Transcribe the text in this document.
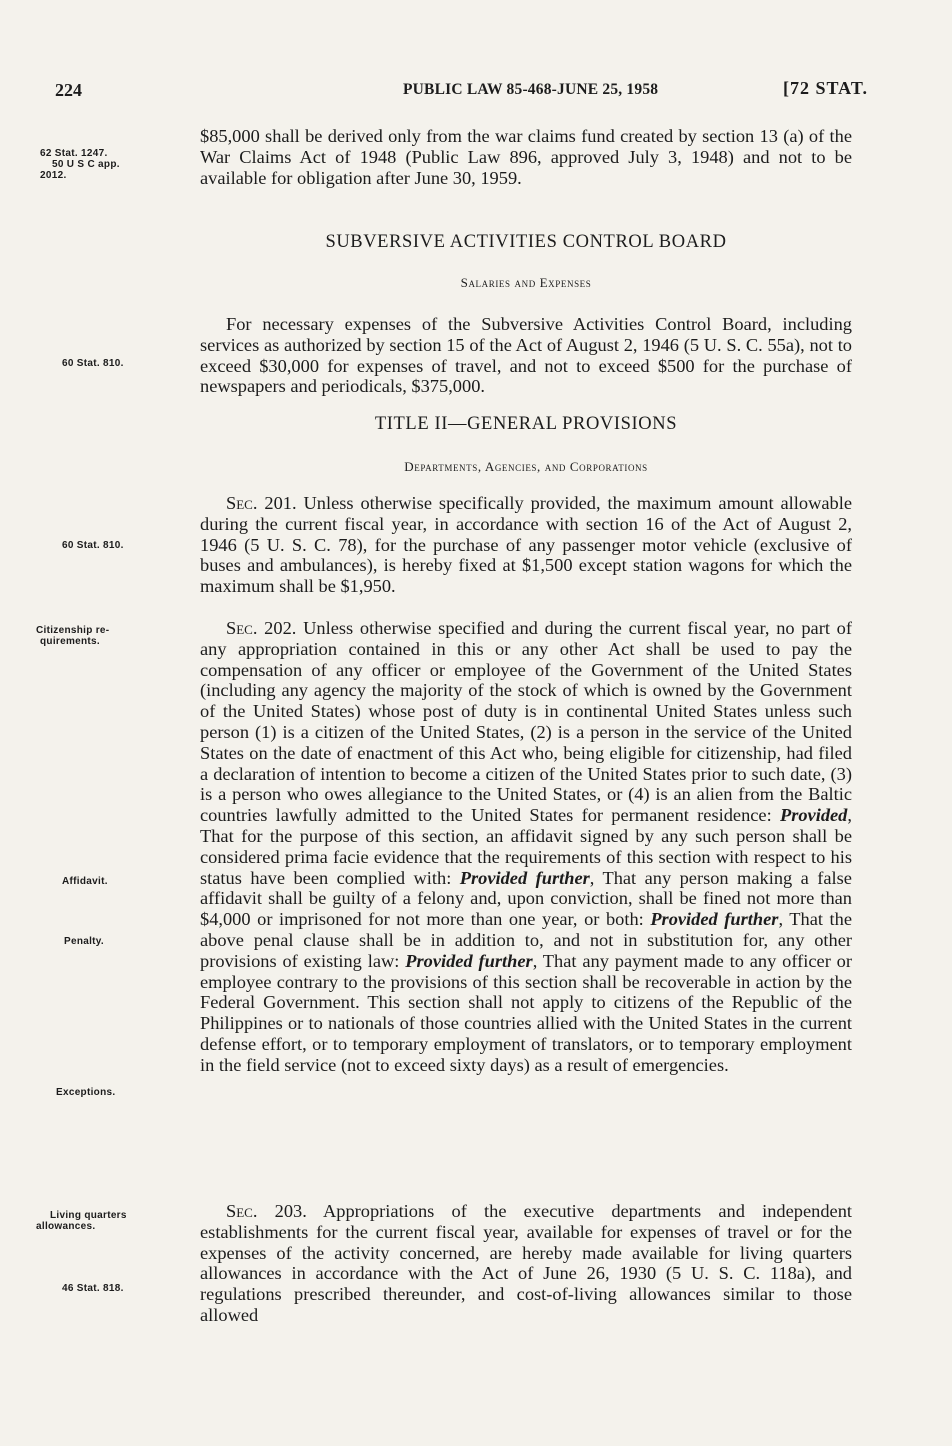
224	PUBLIC LAW 85-468-JUNE 25, 1958	[72 STAT.
62 Stat. 1247.
50 U S C app.
2012.
60 Stat. 810.
60 Stat. 810.
Citizenship re-
quirements.
Affidavit.
Penalty.
Exceptions.
Living quarters
allowances.
46 Stat. 818.

$85,000 shall be derived only from the war claims fund created by section 13 (a) of the War Claims Act of 1948 (Public Law 896, approved July 3, 1948) and not to be available for obligation after June 30, 1959.

SUBVERSIVE ACTIVITIES CONTROL BOARD
Salaries and Expenses

For necessary expenses of the Subversive Activities Control Board, including services as authorized by section 15 of the Act of August 2, 1946 (5 U. S. C. 55a), not to exceed $30,000 for expenses of travel, and not to exceed $500 for the purchase of newspapers and periodicals, $375,000.

TITLE II—GENERAL PROVISIONS
Departments, Agencies, and Corporations

Sec. 201. Unless otherwise specifically provided, the maximum amount allowable during the current fiscal year, in accordance with section 16 of the Act of August 2, 1946 (5 U. S. C. 78), for the purchase of any passenger motor vehicle (exclusive of buses and ambulances), is hereby fixed at $1,500 except station wagons for which the maximum shall be $1,950.

Sec. 202. Unless otherwise specified and during the current fiscal year, no part of any appropriation contained in this or any other Act shall be used to pay the compensation of any officer or employee of the Government of the United States (including any agency the majority of the stock of which is owned by the Government of the United States) whose post of duty is in continental United States unless such person (1) is a citizen of the United States, (2) is a person in the service of the United States on the date of enactment of this Act who, being eligible for citizenship, had filed a declaration of intention to become a citizen of the United States prior to such date, (3) is a person who owes allegiance to the United States, or (4) is an alien from the Baltic countries lawfully admitted to the United States for permanent residence: Provided, That for the purpose of this section, an affidavit signed by any such person shall be considered prima facie evidence that the requirements of this section with respect to his status have been complied with: Provided further, That any person making a false affidavit shall be guilty of a felony and, upon conviction, shall be fined not more than $4,000 or imprisoned for not more than one year, or both: Provided further, That the above penal clause shall be in addition to, and not in substitution for, any other provisions of existing law: Provided further, That any payment made to any officer or employee contrary to the provisions of this section shall be recoverable in action by the Federal Government. This section shall not apply to citizens of the Republic of the Philippines or to nationals of those countries allied with the United States in the current defense effort, or to temporary employment of translators, or to temporary employment in the field service (not to exceed sixty days) as a result of emergencies.

Sec. 203. Appropriations of the executive departments and independent establishments for the current fiscal year, available for expenses of travel or for the expenses of the activity concerned, are hereby made available for living quarters allowances in accordance with the Act of June 26, 1930 (5 U. S. C. 118a), and regulations prescribed thereunder, and cost-of-living allowances similar to those allowed
